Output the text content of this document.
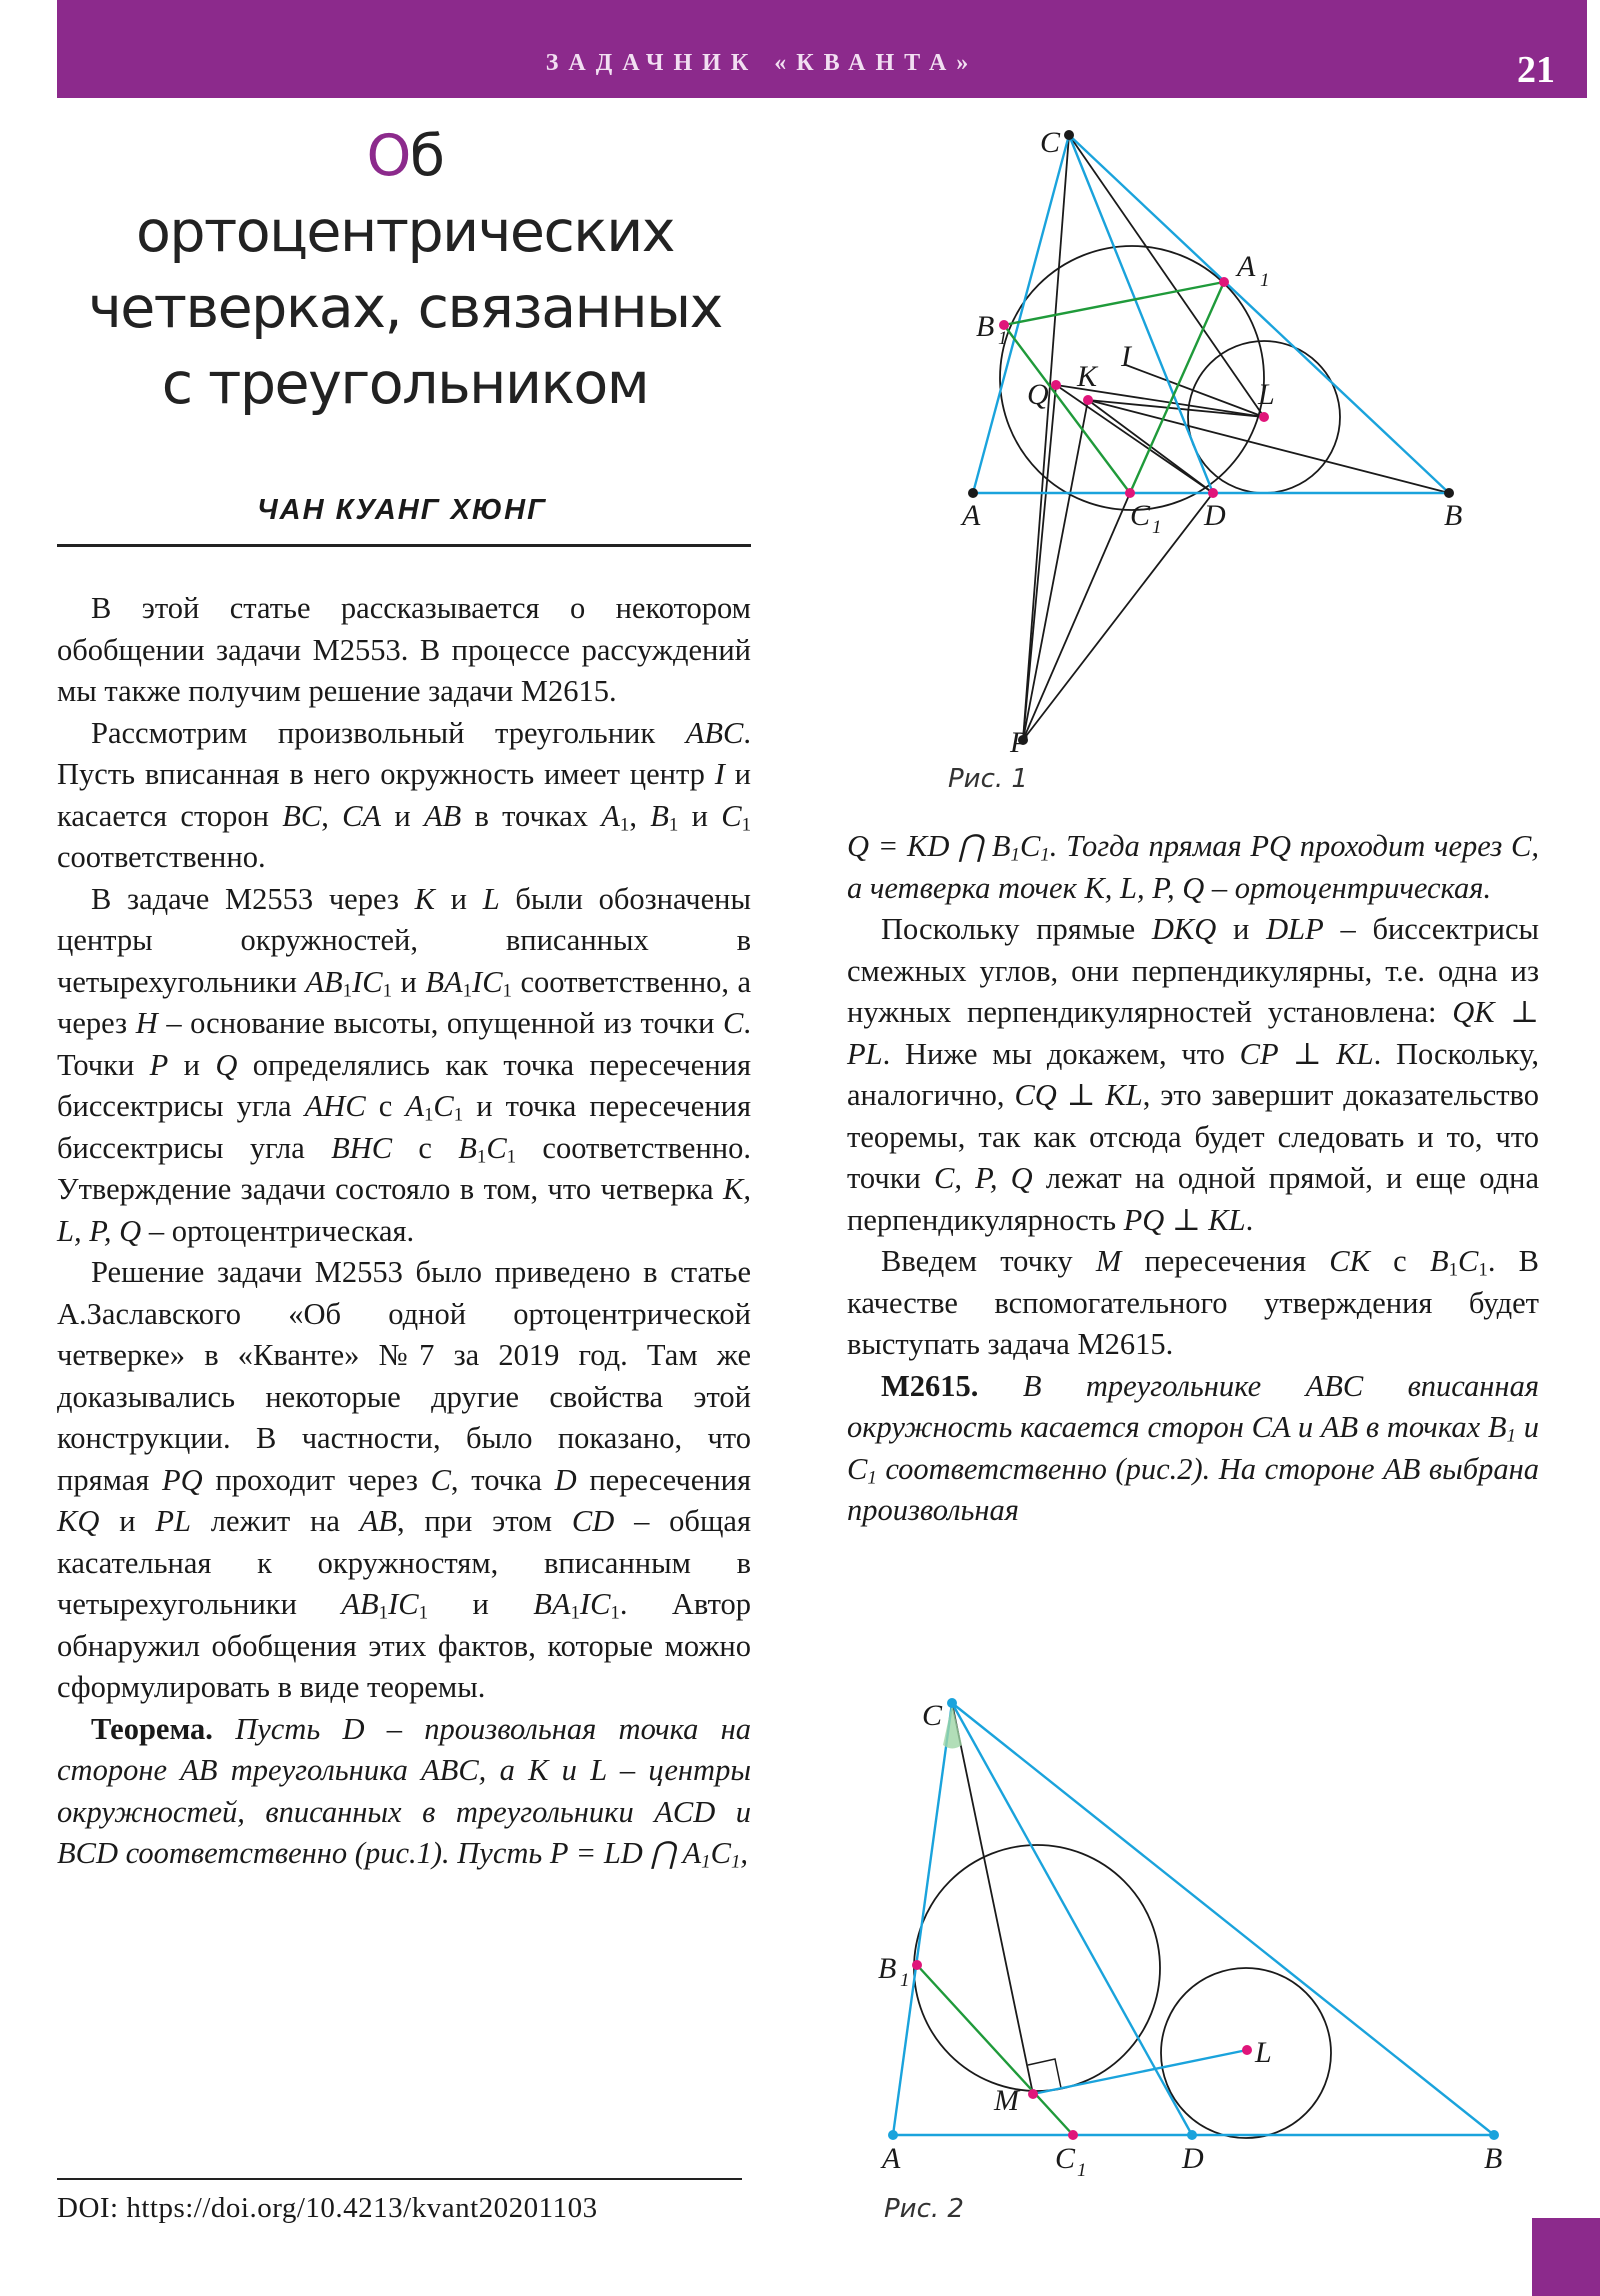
ЗАДАЧНИК «КВАНТА»	21
Об
ортоцентрических
четверках, связанных
с треугольником
ЧАН КУАНГ ХЮНГ

В этой статье рассказывается о некотором обобщении задачи М2553. В процессе рассуждений мы также получим решение задачи М2615.

Рассмотрим произвольный треугольник ABC. Пусть вписанная в него окружность имеет центр I и касается сторон BC, CA и AB в точках $A_1$, $B_1$ и $C_1$ соответственно.

В задаче М2553 через K и L были обозначены центры окружностей, вписанных в четырехугольники $AB_1IC_1$ и $BA_1IC_1$ соответственно, а через H – основание высоты, опущенной из точки C. Точки P и Q определялись как точка пересечения биссектрисы угла AHC с $A_1C_1$ и точка пересечения биссектрисы угла BHC с $B_1C_1$ соответственно. Утверждение задачи состояло в том, что четверка K, L, P, Q – ортоцентрическая.

Решение задачи М2553 было приведено в статье А.Заславского «Об одной ортоцентрической четверке» в «Кванте» №7 за 2019 год. Там же доказывались некоторые другие свойства этой конструкции. В частности, было показано, что прямая PQ проходит через C, точка D пересечения KQ и PL лежит на AB, при этом CD – общая касательная к окружностям, вписанным в четырехугольники $AB_1IC_1$ и $BA_1IC_1$. Автор обнаружил обобщения этих фактов, которые можно сформулировать в виде теоремы.

Теорема. Пусть D – произвольная точка на стороне AB треугольника ABC, а K и L – центры окружностей, вписанных в треугольники ACD и BCD соответственно (рис.1). Пусть P = LD ⋂ $A_1C_1$,

Q = KD ⋂ $B_1C_1$. Тогда прямая PQ проходит через C, а четверка точек K, L, P, Q – ортоцентрическая.

Поскольку прямые DKQ и DLP – биссектрисы смежных углов, они перпендикулярны, т.е. одна из нужных перпендикулярностей установлена: QK ⊥ PL. Ниже мы докажем, что CP ⊥ KL. Поскольку, аналогично, CQ ⊥ KL, это завершит доказательство теоремы, так как отсюда будет следовать и то, что точки C, P, Q лежат на одной прямой, и еще одна перпендикулярность PQ ⊥ KL.

Введем точку M пересечения CK с $B_1C_1$. В качестве вспомогательного утверждения будет выступать задача М2615.

М2615. В треугольнике ABC вписанная окружность касается сторон CA и AB в точках $B_1$ и $C_1$ соответственно (рис.2). На стороне AB выбрана произвольная

C
A 1
B 1
I
K
Q	L
A	C 1 D	B
P
Рис. 1
C
B 1
L
M
A	C 1	D	B
Рис. 2
DOI: https://doi.org/10.4213/kvant20201103
